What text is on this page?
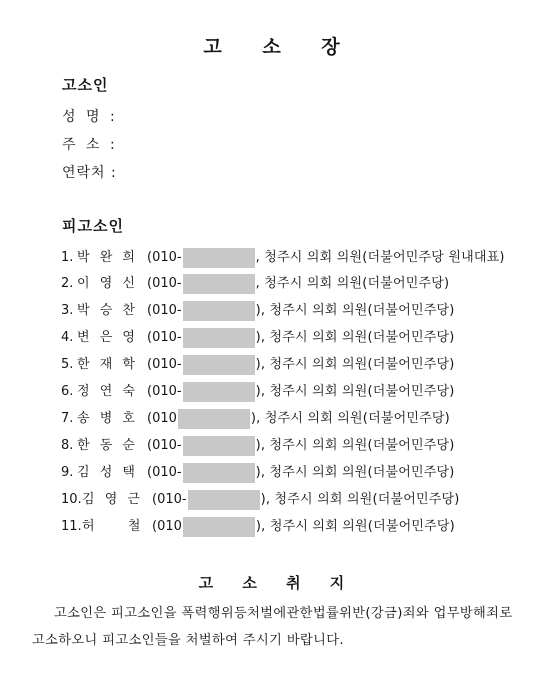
고 소 장
고소인
성 명 :
주 소 :
연락처 :
피고소인
1. 박 완 희 (010-	, 청주시 의회 의원(더불어민주당 원내대표)
2. 이 영 신 (010-	, 청주시 의회 의원(더불어민주당)
3. 박 승 찬 (010-	), 청주시 의회 의원(더불어민주당)
4. 변 은 영 (010-	), 청주시 의회 의원(더불어민주당)
5. 한 재 학 (010-	), 청주시 의회 의원(더불어민주당)
6. 정 연 숙 (010-	), 청주시 의회 의원(더불어민주당)
7. 송 병 호 (010	), 청주시 의회 의원(더불어민주당)
8. 한 동 순 (010-	), 청주시 의회 의원(더불어민주당)
9. 김 성 택 (010-	), 청주시 의회 의원(더불어민주당)
10.김 영 근 (010-	), 청주시 의회 의원(더불어민주당)
11.허 　 철 (010	), 청주시 의회 의원(더불어민주당)
고 소 취 지
고소인은 피고소인을 폭력행위등처벌에관한법률위반(강금)죄와 업무방해죄로 고소하오니 피고소인들을 처벌하여 주시기 바랍니다.
